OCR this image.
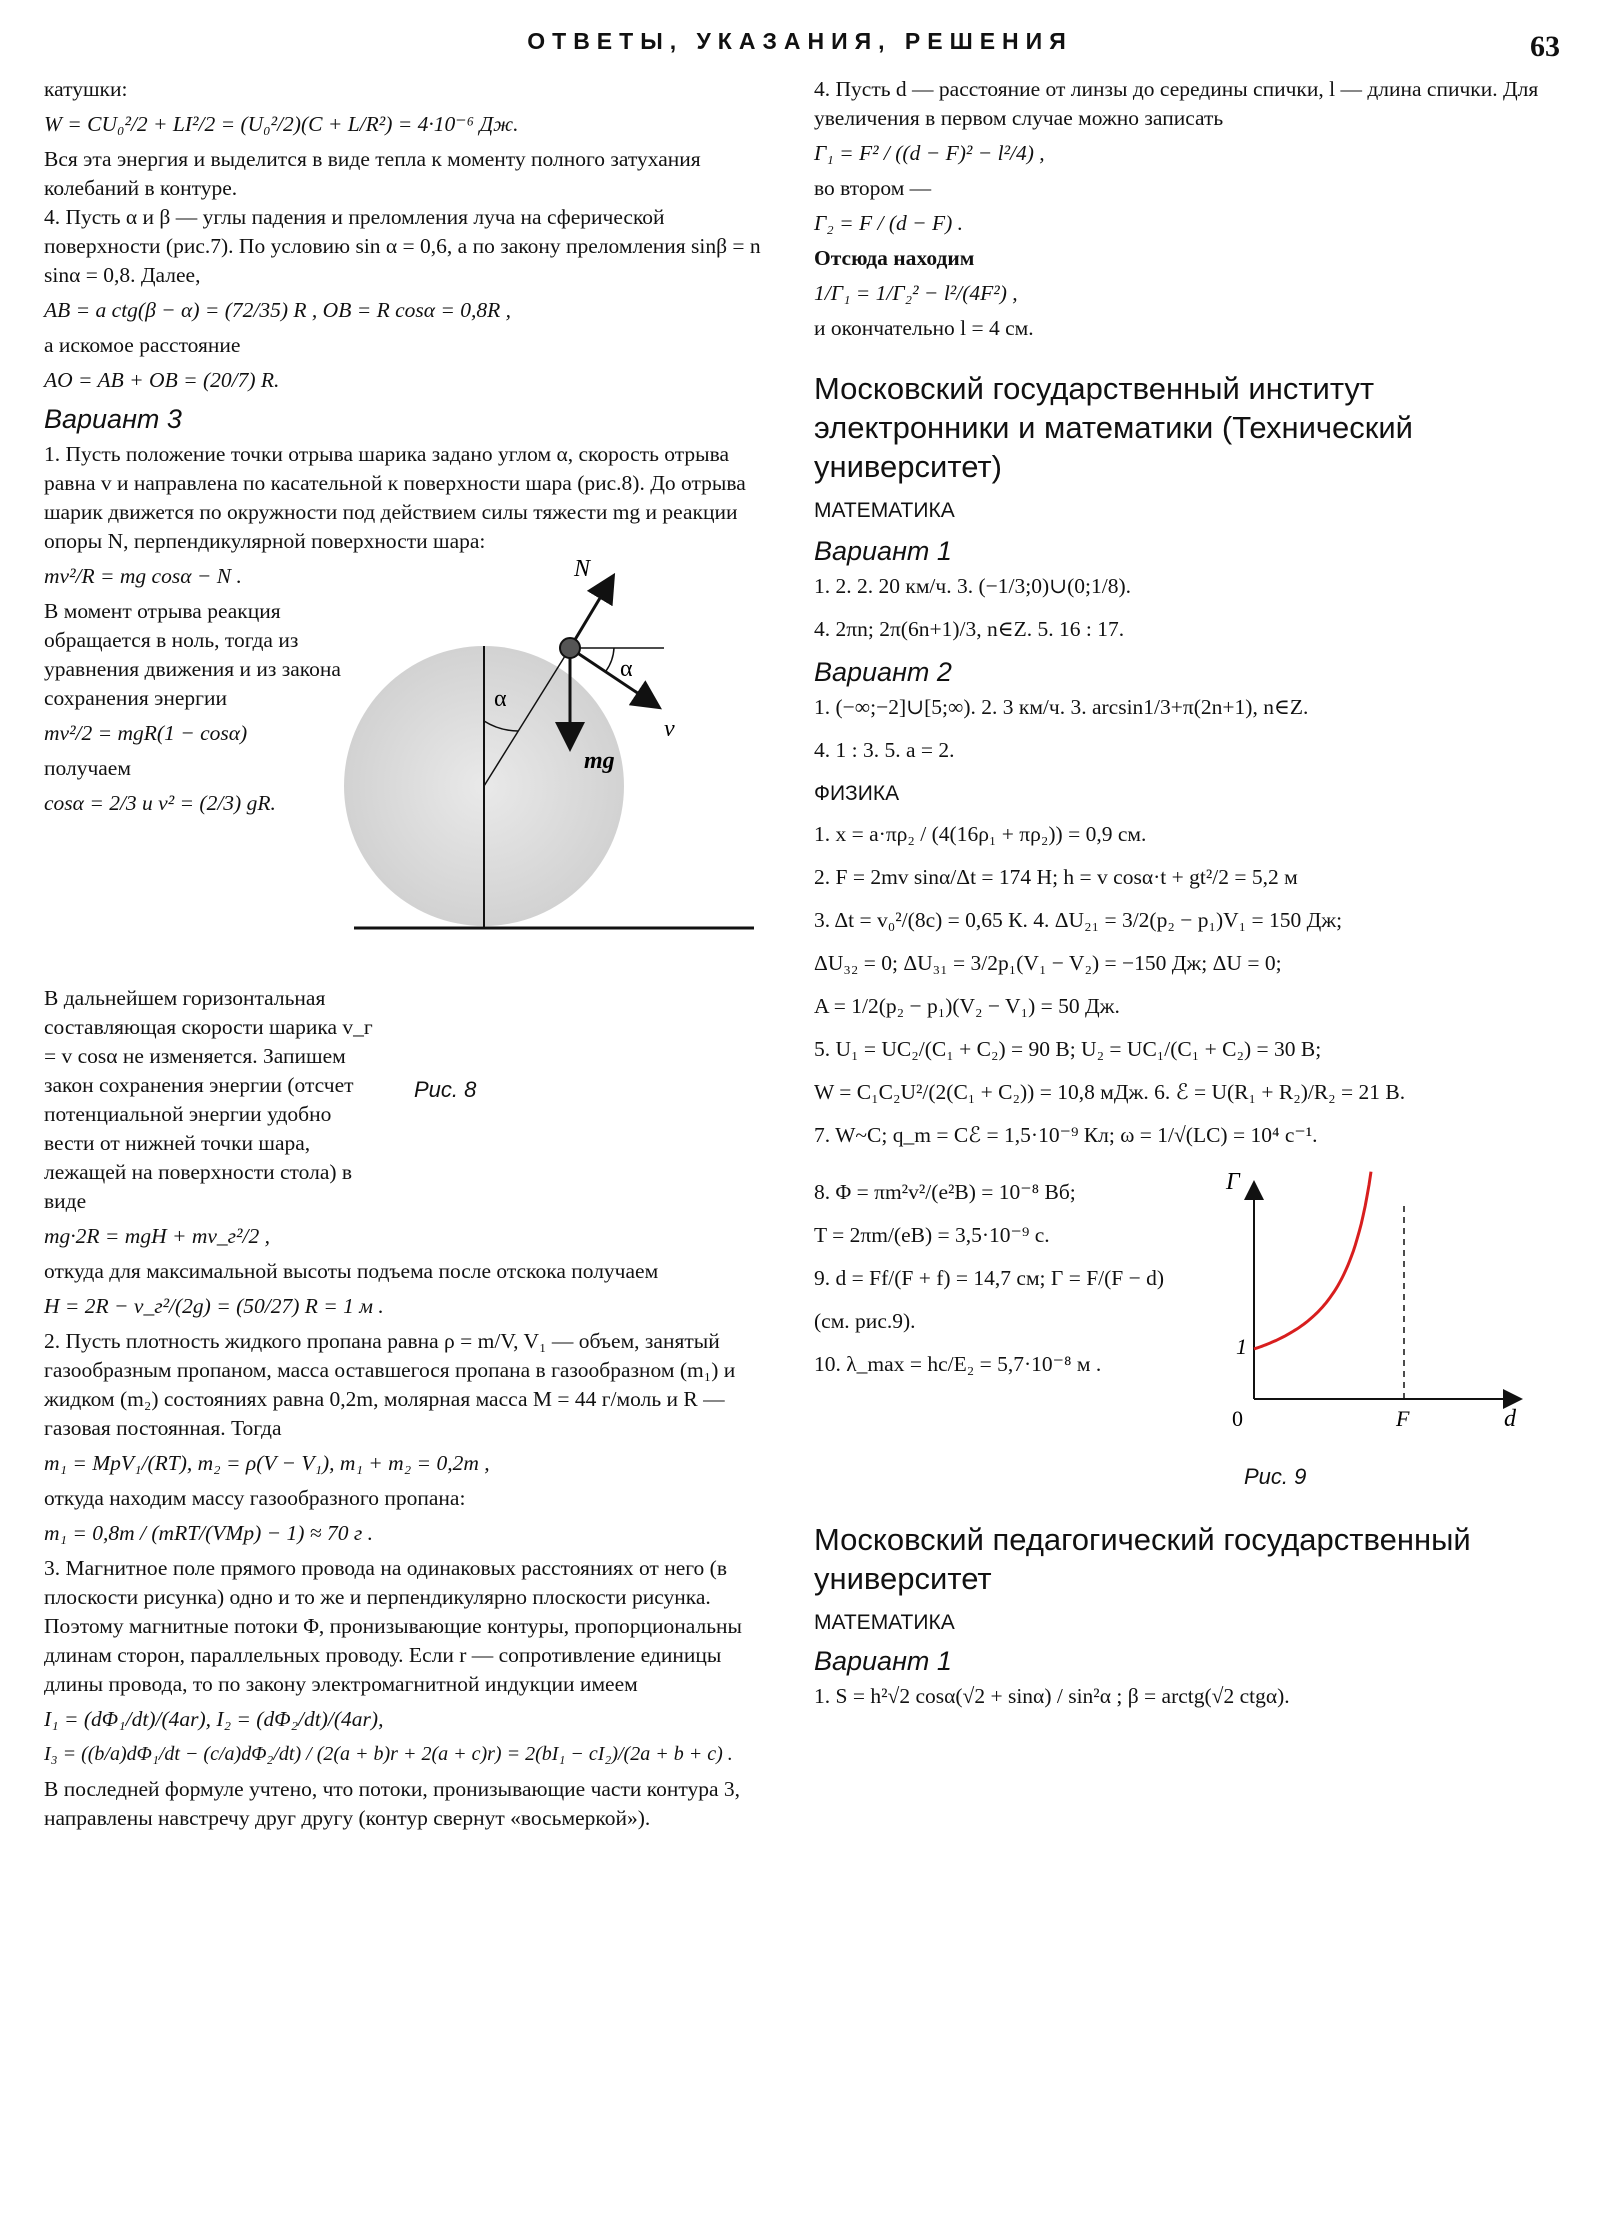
ОТВЕТЫ, УКАЗАНИЯ, РЕШЕНИЯ	63

катушки:

W = CU₀²/2 + LI²/2 = (U₀²/2)(C + L/R²) = 4·10⁻⁶ Дж.

Вся эта энергия и выделится в виде тепла к моменту полного затухания колебаний в контуре.

4. Пусть α и β — углы падения и преломления луча на сферической поверхности (рис.7). По условию sin α = 0,6, а по закону преломления sinβ = n sinα = 0,8. Далее,

AB = a ctg(β − α) = (72/35) R , OB = R cosα = 0,8R ,

а искомое расстояние

AO = AB + OB = (20/7) R.

Вариант 3

1. Пусть положение точки отрыва шарика задано углом α, скорость отрыва равна v и направлена по касательной к поверхности шара (рис.8). До отрыва шарик движется по окружности под действием силы тяжести mg и реакции опоры N, перпендикулярной поверхности шара:

mv²/R = mg cosα − N .

В момент отрыва реакция обращается в ноль, тогда из уравнения движения и из закона сохранения энергии

mv²/2 = mgR(1 − cosα)

получаем

cosα = 2/3 и v² = (2/3) gR.

N
α
α
v
mg

В дальнейшем горизонтальная составляющая скорости шарика v_г = v cosα не изменяется. Запишем закон сохранения энергии (отсчет потенциальной энергии удобно вести от нижней точки шара, лежащей на поверхности стола) в виде

Рис. 8

mg·2R = mgH + mv_г²/2 ,

откуда для максимальной высоты подъема после отскока получаем

H = 2R − v_г²/(2g) = (50/27) R = 1 м .

2. Пусть плотность жидкого пропана равна ρ = m/V, V₁ — объем, занятый газообразным пропаном, масса оставшегося пропана в газообразном (m₁) и жидком (m₂) состояниях равна 0,2m, молярная масса M = 44 г/моль и R — газовая постоянная. Тогда

m₁ = MpV₁/(RT), m₂ = ρ(V − V₁), m₁ + m₂ = 0,2m ,

откуда находим массу газообразного пропана:

m₁ = 0,8m / (mRT/(VMp) − 1) ≈ 70 г .

3. Магнитное поле прямого провода на одинаковых расстояниях от него (в плоскости рисунка) одно и то же и перпендикулярно плоскости рисунка. Поэтому магнитные потоки Φ, пронизывающие контуры, пропорциональны длинам сторон, параллельных проводу. Если r — сопротивление единицы длины провода, то по закону электромагнитной индукции имеем

I₁ = (dΦ₁/dt)/(4ar), I₂ = (dΦ₂/dt)/(4ar),

I₃ = ((b/a)dΦ₁/dt − (c/a)dΦ₂/dt) / (2(a + b)r + 2(a + c)r) = 2(bI₁ − cI₂)/(2a + b + c) .

В последней формуле учтено, что потоки, пронизывающие части контура 3, направлены навстречу друг другу (контур свернут «восьмеркой»).

4. Пусть d — расстояние от линзы до середины спички, l — длина спички. Для увеличения в первом случае можно записать

Γ₁ = F² / ((d − F)² − l²/4) ,

во втором —

Γ₂ = F / (d − F) .

Отсюда находим

1/Γ₁ = 1/Γ₂² − l²/(4F²) ,

и окончательно l = 4 см.

Московский государственный институт электронники и математики (Технический университет)
МАТЕМАТИКА
Вариант 1

1. 2. 2. 20 км/ч. 3. (−1/3;0)∪(0;1/8).

4. 2πn; 2π(6n+1)/3, n∈Z. 5. 16 : 17.

Вариант 2

1. (−∞;−2]∪[5;∞). 2. 3 км/ч. 3. arcsin1/3+π(2n+1), n∈Z.

4. 1 : 3. 5. a = 2.

ФИЗИКА

1. x = a·πρ₂ / (4(16ρ₁ + πρ₂)) = 0,9 см.

2. F = 2mv sinα/Δt = 174 Н; h = v cosα·t + gt²/2 = 5,2 м

3. Δt = v₀²/(8c) = 0,65 К. 4. ΔU₂₁ = 3/2(p₂ − p₁)V₁ = 150 Дж;

ΔU₃₂ = 0; ΔU₃₁ = 3/2p₁(V₁ − V₂) = −150 Дж; ΔU = 0;

A = 1/2(p₂ − p₁)(V₂ − V₁) = 50 Дж.

5. U₁ = UC₂/(C₁ + C₂) = 90 В; U₂ = UC₁/(C₁ + C₂) = 30 В;

W = C₁C₂U²/(2(C₁ + C₂)) = 10,8 мДж. 6. ℰ = U(R₁ + R₂)/R₂ = 21 В.

7. W~C; q_m = Cℰ = 1,5·10⁻⁹ Кл; ω = 1/√(LC) = 10⁴ с⁻¹.

8. Φ = πm²v²/(e²B) = 10⁻⁸ Вб;

T = 2πm/(eB) = 3,5·10⁻⁹ с.

9. d = Ff/(F + f) = 14,7 см; Γ = F/(F − d)

(см. рис.9).

10. λ_max = hc/E₂ = 5,7·10⁻⁸ м .

Г
1
0	F	d
Рис. 9
Московский педагогический государственный университет
МАТЕМАТИКА
Вариант 1

1. S = h²√2 cosα(√2 + sinα) / sin²α ; β = arctg(√2 ctgα).
